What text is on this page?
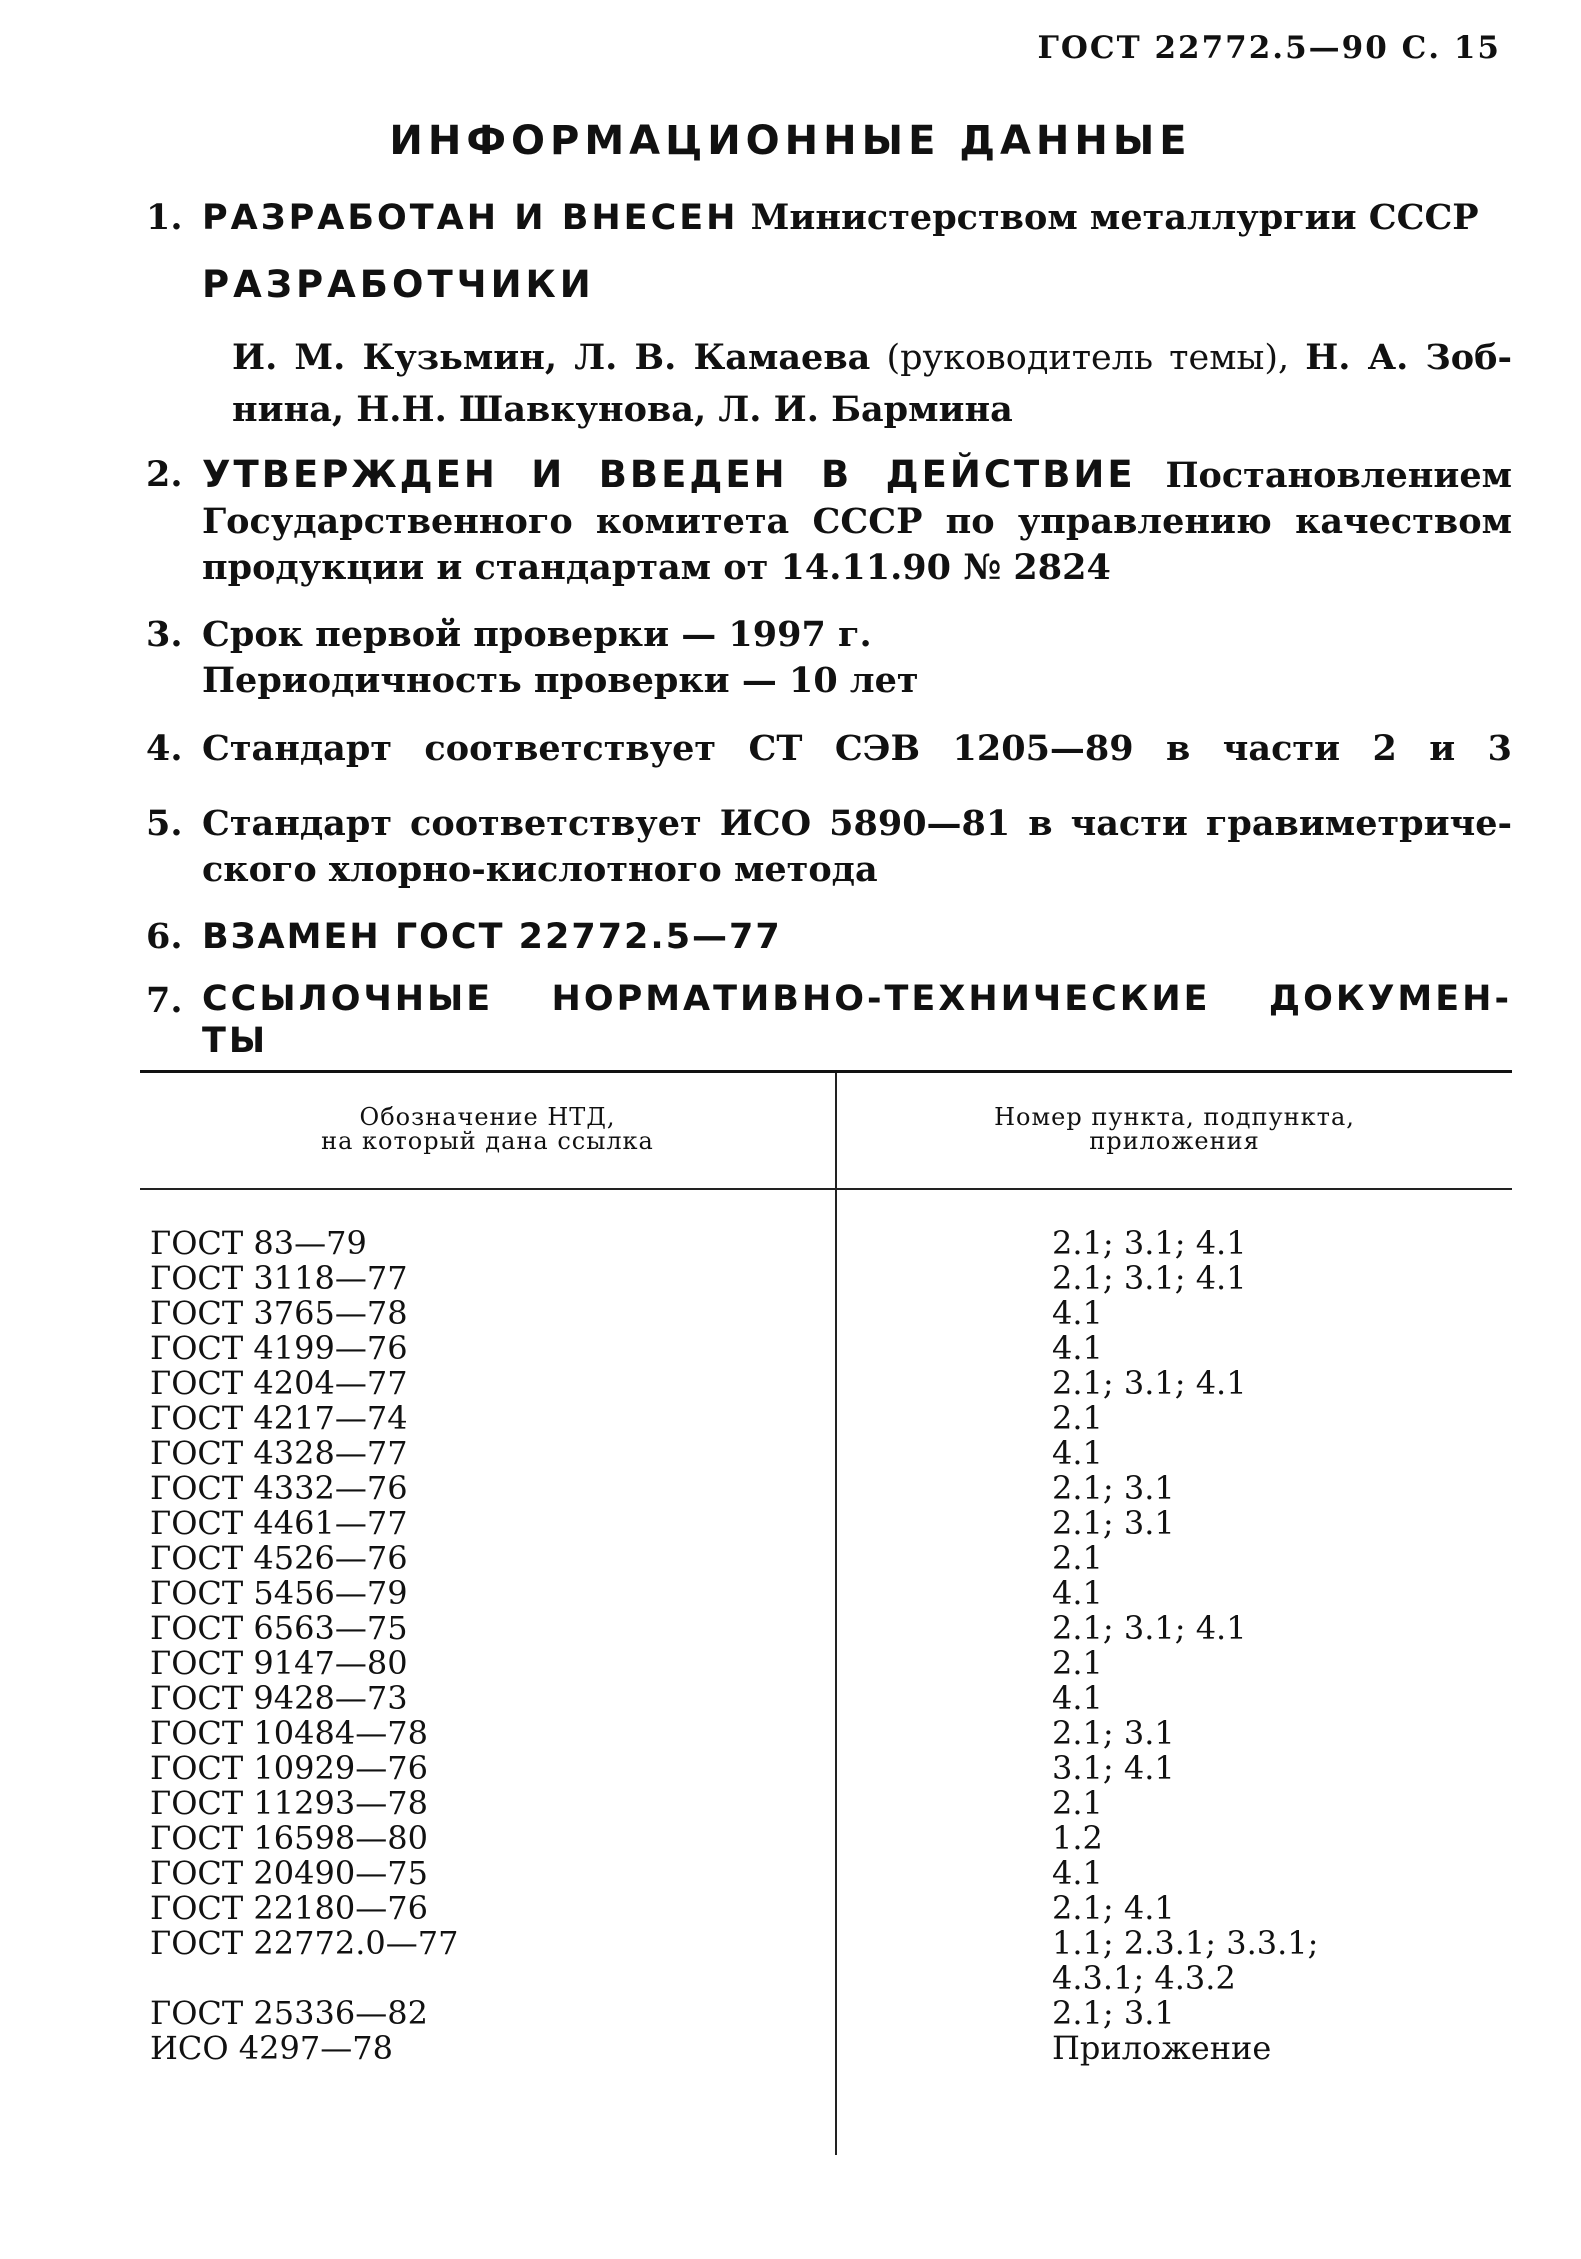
ГОСТ 22772.5—90 С. 15
ИНФОРМАЦИОННЫЕ ДАННЫЕ
1. РАЗРАБОТАН И ВНЕСЕН Министерством металлургии СССР
РАЗРАБОТЧИКИ
И. М. Кузьмин, Л. В. Камаева (руководитель темы), Н. А. Зоб-
нина, Н.Н. Шавкунова, Л. И. Бармина
2. УТВЕРЖДЕН И ВВЕДЕН В ДЕЙСТВИЕ Постановлением Государственного комитета СССР по управлению качеством продукции и стандартам от 14.11.90 № 2824
3. Срок первой проверки — 1997 г.
Периодичность проверки — 10 лет
4. Стандарт соответствует СТ СЭВ 1205—89 в части 2 и 3
5. Стандарт соответствует ИСО 5890—81 в части гравиметриче-
ского хлорно-кислотного метода
6. ВЗАМЕН ГОСТ 22772.5—77
7. ССЫЛОЧНЫЕ НОРМАТИВНО-ТЕХНИЧЕСКИЕ ДОКУМЕН-
ТЫ
Обозначение НТД,
на который дана ссылка
Номер пункта, подпункта,
приложения
ГОСТ 83—79	2.1; 3.1; 4.1
ГОСТ 3118—77	2.1; 3.1; 4.1
ГОСТ 3765—78	4.1
ГОСТ 4199—76	4.1
ГОСТ 4204—77	2.1; 3.1; 4.1
ГОСТ 4217—74	2.1
ГОСТ 4328—77	4.1
ГОСТ 4332—76	2.1; 3.1
ГОСТ 4461—77	2.1; 3.1
ГОСТ 4526—76	2.1
ГОСТ 5456—79	4.1
ГОСТ 6563—75	2.1; 3.1; 4.1
ГОСТ 9147—80	2.1
ГОСТ 9428—73	4.1
ГОСТ 10484—78	2.1; 3.1
ГОСТ 10929—76	3.1; 4.1
ГОСТ 11293—78	2.1
ГОСТ 16598—80	1.2
ГОСТ 20490—75	4.1
ГОСТ 22180—76	2.1; 4.1
ГОСТ 22772.0—77	1.1; 2.3.1; 3.3.1;
4.3.1; 4.3.2
ГОСТ 25336—82	2.1; 3.1
ИСО 4297—78	Приложение
